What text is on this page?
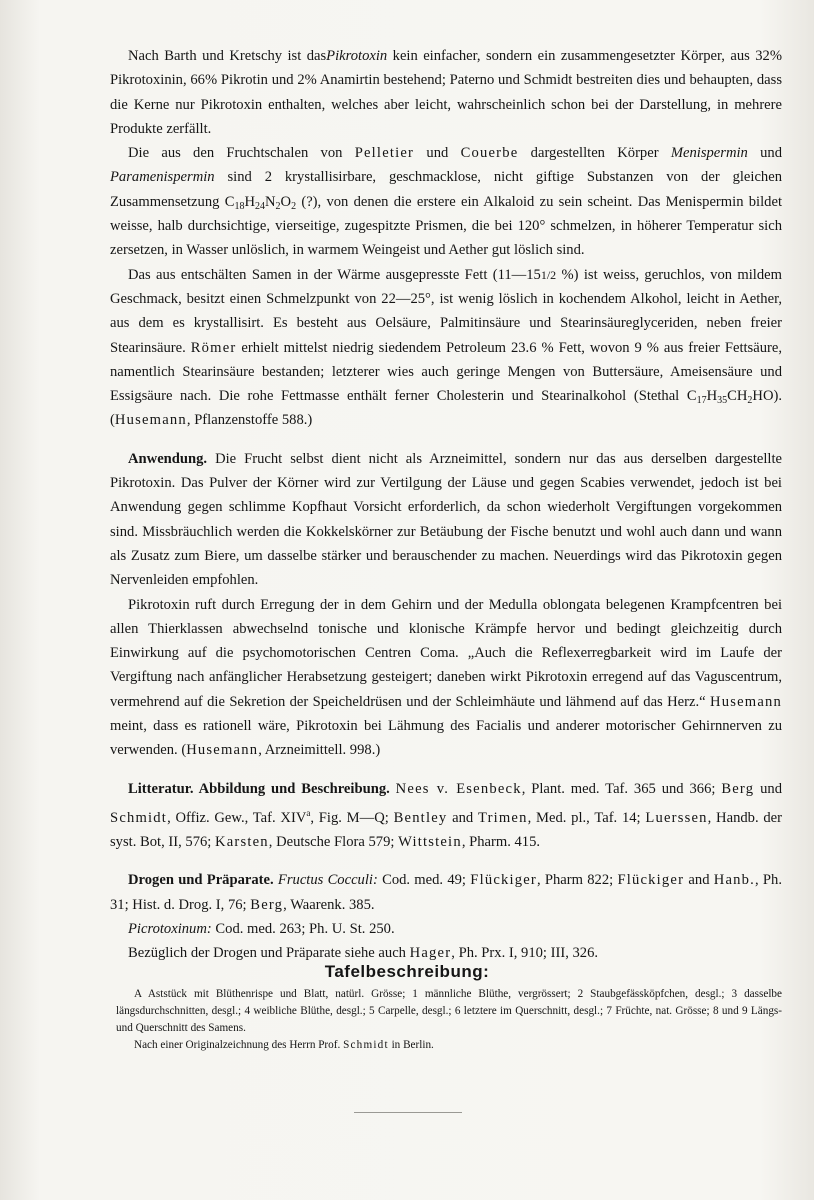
Nach Barth und Kretschy ist dasPikrotoxin kein einfacher, sondern ein zusammengesetzter Körper, aus 32% Pikrotoxinin, 66% Pikrotin und 2% Anamirtin bestehend; Paterno und Schmidt bestreiten dies und behaupten, dass die Kerne nur Pikrotoxin enthalten, welches aber leicht, wahrscheinlich schon bei der Darstellung, in mehrere Produkte zerfällt.

Die aus den Fruchtschalen von Pelletier und Couerbe dargestellten Körper Menispermin und Paramenispermin sind 2 krystallisirbare, geschmacklose, nicht giftige Substanzen von der gleichen Zusammensetzung $C_{18}H_{24}N_2O_2$ (?), von denen die erstere ein Alkaloid zu sein scheint. Das Menispermin bildet weisse, halb durchsichtige, vierseitige, zugespitzte Prismen, die bei 120° schmelzen, in höherer Temperatur sich zersetzen, in Wasser unlöslich, in warmem Weingeist und Aether gut löslich sind.

Das aus entschälten Samen in der Wärme ausgepresste Fett (11—151/2 %) ist weiss, geruchlos, von mildem Geschmack, besitzt einen Schmelzpunkt von 22—25°, ist wenig löslich in kochendem Alkohol, leicht in Aether, aus dem es krystallisirt. Es besteht aus Oelsäure, Palmitinsäure und Stearinsäureglyceriden, neben freier Stearinsäure. Römer erhielt mittelst niedrig siedendem Petroleum 23.6 % Fett, wovon 9 % aus freier Fettsäure, namentlich Stearinsäure bestanden; letzterer wies auch geringe Mengen von Buttersäure, Ameisensäure und Essigsäure nach. Die rohe Fettmasse enthält ferner Cholesterin und Stearinalkohol (Stethal $C_{17}H_{35}CH_2HO$). (Husemann, Pflanzenstoffe 588.)

Anwendung. Die Frucht selbst dient nicht als Arzneimittel, sondern nur das aus derselben dargestellte Pikrotoxin. Das Pulver der Körner wird zur Vertilgung der Läuse und gegen Scabies verwendet, jedoch ist bei Anwendung gegen schlimme Kopfhaut Vorsicht erforderlich, da schon wiederholt Vergiftungen vorgekommen sind. Missbräuchlich werden die Kokkelskörner zur Betäubung der Fische benutzt und wohl auch dann und wann als Zusatz zum Biere, um dasselbe stärker und berauschender zu machen. Neuerdings wird das Pikrotoxin gegen Nervenleiden empfohlen.

Pikrotoxin ruft durch Erregung der in dem Gehirn und der Medulla oblongata belegenen Krampfcentren bei allen Thierklassen abwechselnd tonische und klonische Krämpfe hervor und bedingt gleichzeitig durch Einwirkung auf die psychomotorischen Centren Coma. „Auch die Reflexerregbarkeit wird im Laufe der Vergiftung nach anfänglicher Herabsetzung gesteigert; daneben wirkt Pikrotoxin erregend auf das Vaguscentrum, vermehrend auf die Sekretion der Speicheldrüsen und der Schleimhäute und lähmend auf das Herz.“ Husemann meint, dass es rationell wäre, Pikrotoxin bei Lähmung des Facialis und anderer motorischer Gehirnnerven zu verwenden. (Husemann, Arzneimittell. 998.)

Litteratur. Abbildung und Beschreibung. Nees v. Esenbeck, Plant. med. Taf. 365 und 366; Berg und Schmidt, Offiz. Gew., Taf. XIV$^a$, Fig. M—Q; Bentley and Trimen, Med. pl., Taf. 14; Luerssen, Handb. der syst. Bot, II, 576; Karsten, Deutsche Flora 579; Wittstein, Pharm. 415.

Drogen und Präparate. Fructus Cocculi: Cod. med. 49; Flückiger, Pharm 822; Flückiger and Hanb., Ph. 31; Hist. d. Drog. I, 76; Berg, Waarenk. 385.

Picrotoxinum: Cod. med. 263; Ph. U. St. 250.

Bezüglich der Drogen und Präparate siehe auch Hager, Ph. Prx. I, 910; III, 326.

Tafelbeschreibung:

A Aststück mit Blüthenrispe und Blatt, natürl. Grösse; 1 männliche Blüthe, vergrössert; 2 Staubgefässköpfchen, desgl.; 3 dasselbe längsdurchschnitten, desgl.; 4 weibliche Blüthe, desgl.; 5 Carpelle, desgl.; 6 letztere im Querschnitt, desgl.; 7 Früchte, nat. Grösse; 8 und 9 Längs- und Querschnitt des Samens.

Nach einer Originalzeichnung des Herrn Prof. Schmidt in Berlin.
